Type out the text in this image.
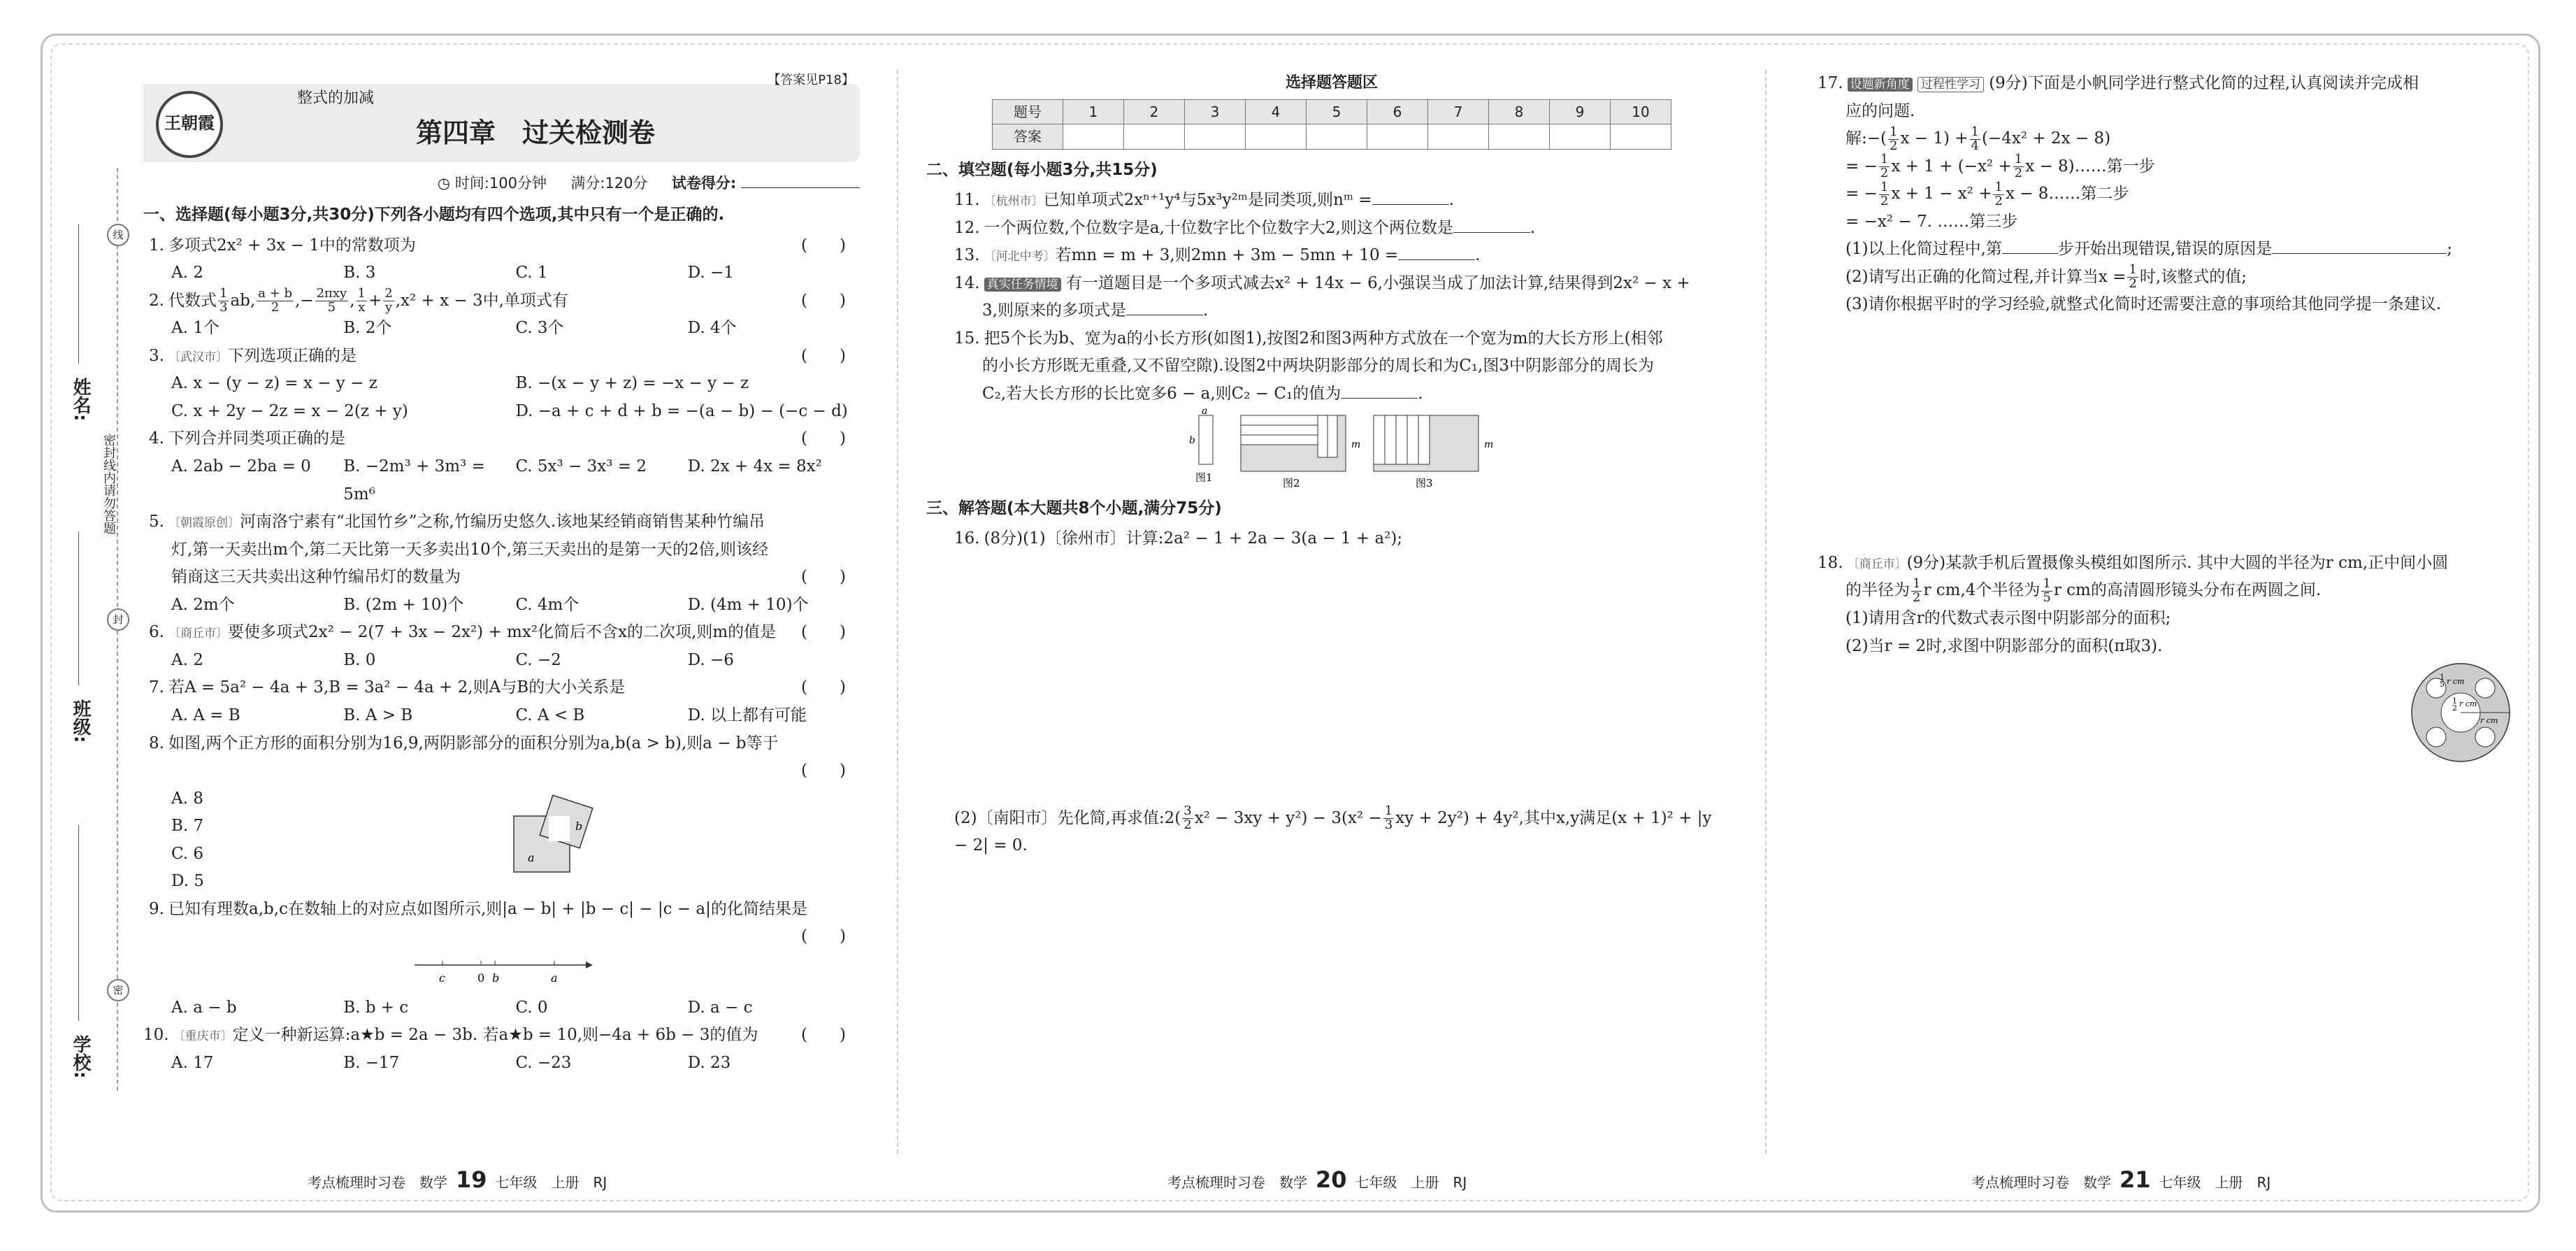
线
封
密
姓名:
密封线内请勿答题
班级:
学校:
王朝霞
整式的加减
【答案见P18】
第四章　过关检测卷
◷ 时间:100分钟 　 满分:120分 　 试卷得分:
一、选择题(每小题3分,共30分)下列各小题均有四个选项,其中只有一个是正确的.
1. 多项式2x² + 3x − 1中的常数项为	(　　)
A. 2	B. 3	C. 1	D. −1
2. 代数式 $\frac{1}{3}$ ab, $\frac{a + b}{2}$ ,− $\frac{\text{2πxy}}{5}$ , $\frac{1}{x} + \frac{2}{y} ,x^2 + x - 3$中,单项式有	(　　)
A. 1个	B. 2个	C. 3个	D. 4个
3. 〔武汉市〕下列选项正确的是	(　　)
A. x − (y − z) = x − y − z	B. −(x − y + z) = −x − y − z
C. x + 2y − 2z = x − 2(z + y)	D. −a + c + d + b = −(a − b) − (−c − d)
4. 下列合并同类项正确的是	(　　)
A. 2ab − 2ba = 0	B. −2m³ + 3m³ = 5m⁶
C. 5x³ − 3x³ = 2	D. 2x + 4x = 8x²
5. 〔朝霞原创〕河南洛宁素有“北国竹乡”之称,竹编历史悠久.该地某经销商销售某种竹编吊
灯,第一天卖出m个,第二天比第一天多卖出10个,第三天卖出的是第一天的2倍,则该经
销商这三天共卖出这种竹编吊灯的数量为	(　　)
A. 2m个	B. (2m + 10)个	C. 4m个	D. (4m + 10)个
6. 〔商丘市〕要使多项式2x² − 2(7 + 3x − 2x²) + mx²化简后不含x的二次项,则m的值是 (　　)
A. 2	B. 0	C. −2	D. −6
7. 若A = 5a² − 4a + 3,B = 3a² − 4a + 2,则A与B的大小关系是	(　　)
A. A = B	B. A > B	C. A < B	D. 以上都有可能
8. 如图,两个正方形的面积分别为16,9,两阴影部分的面积分别为a,b(a > b),则a − b等于
(　　)

A. 8
B. 7
C. 6
D. 5
a
b
9. 已知有理数a,b,c在数轴上的对应点如图所示,则|a − b| + |b − c| − |c − a|的化简结果是
(　　)

c	0 b	a
A. a − b	B. b + c	C. 0	D. a − c
10. 〔重庆市〕定义一种新运算:a★b = 2a − 3b. 若a★b = 10,则−4a + 6b − 3的值为	(　　)
A. 17	B. −17	C. −23	D. 23
选择题答题区
题号	1	2	3	4	5	6	7	8	9	10
答案										
二、填空题(每小题3分,共15分)
11. 〔杭州市〕已知单项式2xⁿ⁺¹y⁴与5x³y²ᵐ是同类项,则nᵐ =	.
12. 一个两位数,个位数字是a,十位数字比个位数字大2,则这个两位数是	.
13. 〔河北中考〕若mn = m + 3,则2mn + 3m − 5mn + 10 =	.
14. 真实任务情境 有一道题目是一个多项式减去x² + 14x − 6,小强误当成了加法计算,结果得到2x² − x +
3,则原来的多项式是	.
15. 把5个长为b、宽为a的小长方形(如图1),按图2和图3两种方式放在一个宽为m的大长方形上(相邻
的小长方形既无重叠,又不留空隙).设图2中两块阴影部分的周长和为C₁,图3中阴影部分的周长为
C₂,若大长方形的长比宽多6 − a,则C₂ − C₁的值为	.
a
b
图1
m
图2
m
图3
三、解答题(本大题共8个小题,满分75分)
16. (8分)(1)〔徐州市〕计算:2a² − 1 + 2a − 3(a − 1 + a²);
(2)〔南阳市〕先化简,再求值:2( $\frac{3}{2} x^2 - 3xy + y^2) - 3(x^2 - \frac{1}{3}$ xy + 2y²) + 4y²,其中x,y满足(x + 1)² + |y
− 2| = 0.
17. 设题新角度 过程性学习 (9分)下面是小帆同学进行整式化简的过程,认真阅读并完成相
应的问题.
解:−( $\frac{1}{2}$ $x - 1) + \frac{1}{4} (-4x^2 + 2x - 8)$
= − $\frac{1}{2}$ $x + 1 + (-x^2 + \frac{1}{2}$ x − 8)……第一步
= − $\frac{1}{2}$ $x + 1 - x^2 + \frac{1}{2}$ x − 8……第二步
= −x² − 7. ……第三步
(1)以上化简过程中,第	步开始出现错误,错误的原因是	;
(2)请写出正确的化简过程,并计算当$x = \frac{1}{2}$ 时,该整式的值;
(3)请你根据平时的学习经验,就整式化简时还需要注意的事项给其他同学提一条建议.
18. 〔商丘市〕(9分)某款手机后置摄像头模组如图所示. 其中大圆的半径为r cm,正中间小圆
的半径为 $\frac{1}{2}$ r cm,4个半径为 $\frac{1}{5}$ r cm的高清圆形镜头分布在两圆之间.
(1)请用含r的代数式表示图中阴影部分的面积;
(2)当r = 2时,求图中阴影部分的面积(π取3).
1
5 r cm
1
2 r cm
r cm
考点梳理时习卷　数学 19 七年级　上册　RJ	考点梳理时习卷　数学 20 七年级　上册　RJ	考点梳理时习卷　数学 21 七年级　上册　RJ
